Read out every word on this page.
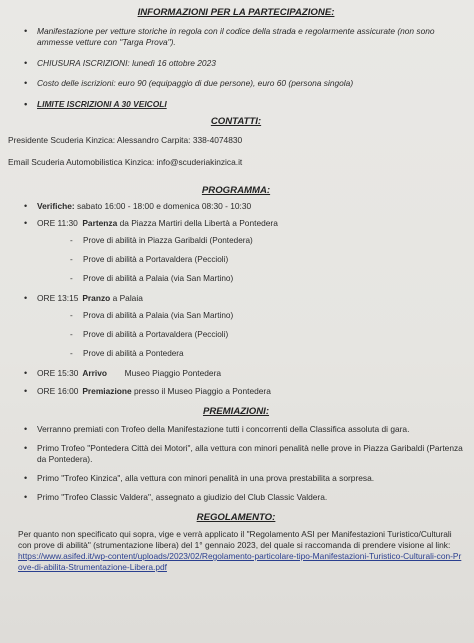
INFORMAZIONI PER LA PARTECIPAZIONE:

• Manifestazione per vetture storiche in regola con il codice della strada e regolarmente assicurate (non sono ammesse vetture con "Targa Prova").
• CHIUSURA ISCRIZIONI: lunedì 16 ottobre 2023
• Costo delle iscrizioni: euro 90 (equipaggio di due persone), euro 60 (persona singola)
• LIMITE ISCRIZIONI A 30 VEICOLI

CONTATTI:

Presidente Scuderia Kinzica: Alessandro Carpita: 338-4074830
Email Scuderia Automobilistica Kinzica: info@scuderiakinzica.it

PROGRAMMA:

• Verifiche: sabato 16:00 - 18:00 e domenica 08:30 - 10:30
• ORE 11:30 Partenza da Piazza Martiri della Libertà a Pontedera
- Prove di abilità in Piazza Garibaldi (Pontedera)
- Prove di abilità a Portavaldera (Peccioli)
- Prove di abilità a Palaia (via San Martino)
• ORE 13:15 Pranzo a Palaia
- Prova di abilità a Palaia (via San Martino)
- Prove di abilità a Portavaldera (Peccioli)
- Prove di abilità a Pontedera
• ORE 15:30 Arrivo Museo Piaggio Pontedera
• ORE 16:00 Premiazione presso il Museo Piaggio a Pontedera

PREMIAZIONI:

• Verranno premiati con Trofeo della Manifestazione tutti i concorrenti della Classifica assoluta di gara.
• Primo Trofeo "Pontedera Città dei Motori", alla vettura con minori penalità nelle prove in Piazza Garibaldi (Partenza da Pontedera).
• Primo "Trofeo Kinzica", alla vettura con minori penalità in una prova prestabilita a sorpresa.
• Primo "Trofeo Classic Valdera", assegnato a giudizio del Club Classic Valdera.

REGOLAMENTO:

Per quanto non specificato qui sopra, vige e verrà applicato il "Regolamento ASI per Manifestazioni Turistico/Culturali con prove di abilità" (strumentazione libera) del 1° gennaio 2023, del quale si raccomanda di prendere visione al link:
https://www.asifed.it/wp-content/uploads/2023/02/Regolamento-particolare-tipo-Manifestazioni-Turistico-Culturali-con-Prove-di-abilita-Strumentazione-Libera.pdf
